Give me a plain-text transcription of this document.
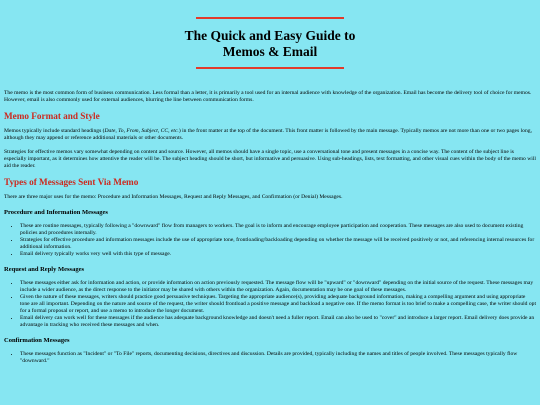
The Quick and Easy Guide to
Memos & Email

The memo is the most common form of business communication. Less formal than a letter, it is primarily a tool used for an internal audience with knowledge of the organization. Email has become the delivery tool of choice for memos. However, email is also commonly used for external audiences, blurring the line between communication forms.

Memo Format and Style

Memos typically include standard headings (Date, To, From, Subject, CC, etc.) in the front matter at the top of the document. This front matter is followed by the main message. Typically memos are not more than one or two pages long, although they may append or reference additional materials or other documents.

Strategies for effective memos vary somewhat depending on content and source. However, all memos should have a single topic, use a conversational tone and present messages in a concise way. The content of the subject line is especially important, as it determines how attentive the reader will be. The subject heading should be short, but informative and persuasive. Using sub-headings, lists, text formatting, and other visual cues within the body of the memo will aid the reader.

Types of Messages Sent Via Memo

There are three major uses for the memo: Procedure and Information Messages, Request and Reply Messages, and Confirmation (or Denial) Messages.

Procedure and Information Messages
• These are routine messages, typically following a "downward" flow from managers to workers. The goal is to inform and encourage employee participation and cooperation. These messages are also used to document existing policies and procedures internally.
• Strategies for effective procedure and information messages include the use of appropriate tone, frontloading/backloading depending on whether the message will be received positively or not, and referencing internal resources for additional information.
• Email delivery typically works very well with this type of message.
Request and Reply Messages
• These messages either ask for information and action, or provide information on action previously requested. The message flow will be "upward" or "downward" depending on the initial source of the request. These messages may include a wider audience, as the direct response to the initiator may be shared with others within the organization. Again, documentation may be one goal of these messages.
• Given the nature of these messages, writers should practice good persuasive techniques. Targeting the appropriate audience(s), providing adequate background information, making a compelling argument and using appropriate tone are all important. Depending on the nature and source of the request, the writer should frontload a positive message and backload a negative one. If the memo format is too brief to make a compelling case, the writer should opt for a formal proposal or report, and use a memo to introduce the longer document.
• Email delivery can work well for these messages if the audience has adequate background knowledge and doesn't need a fuller report. Email can also be used to "cover" and introduce a larger report. Email delivery does provide an advantage in tracking who received these messages and when.
Confirmation Messages
• These messages function as "Incident" or "To File" reports, documenting decisions, directives and discussion. Details are provided, typically including the names and titles of people involved. These messages typically flow "downward."
